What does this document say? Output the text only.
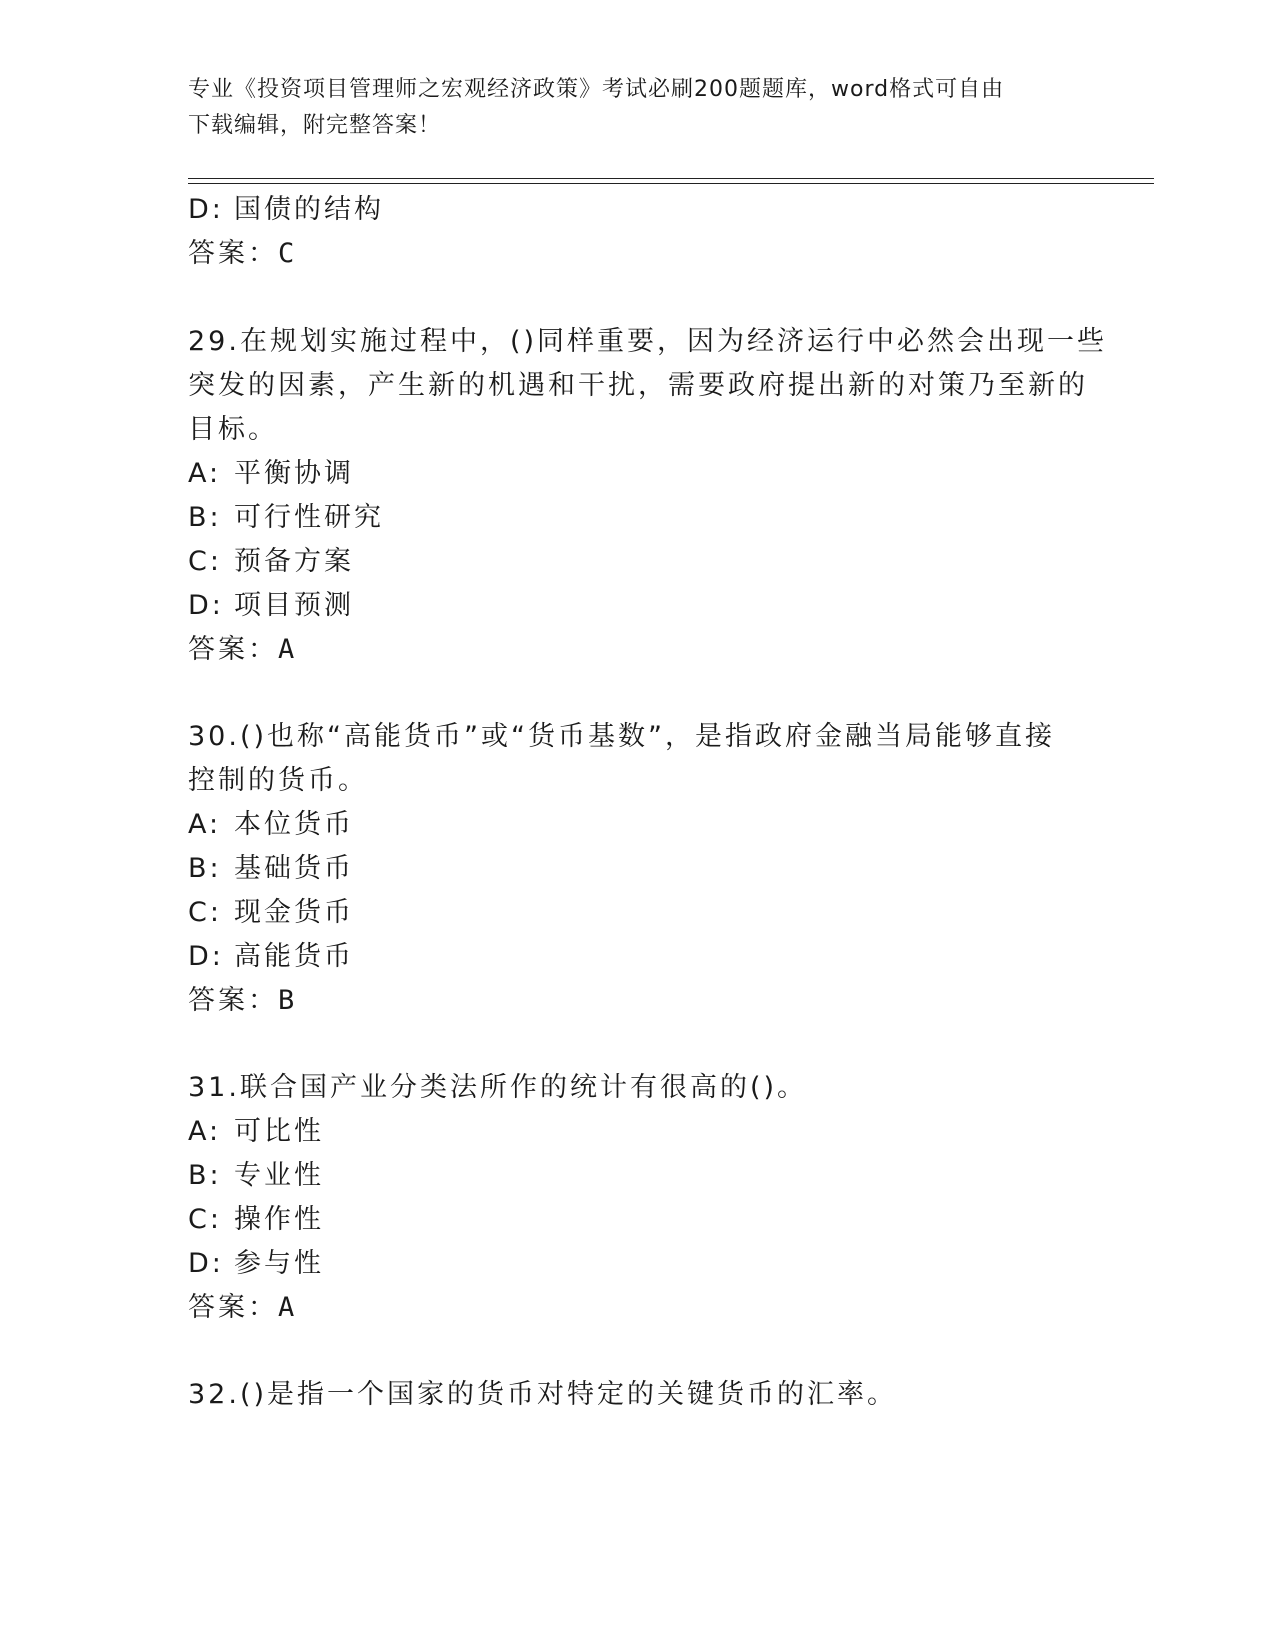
专业《投资项目管理师之宏观经济政策》考试必刷200题题库，word格式可自由
下载编辑，附完整答案！
D: 国债的结构
答案：C
29.在规划实施过程中，()同样重要，因为经济运行中必然会出现一些
突发的因素，产生新的机遇和干扰，需要政府提出新的对策乃至新的
目标。
A: 平衡协调
B: 可行性研究
C: 预备方案
D: 项目预测
答案：A
30.()也称“高能货币”或“货币基数”，是指政府金融当局能够直接
控制的货币。
A: 本位货币
B: 基础货币
C: 现金货币
D: 高能货币
答案：B
31.联合国产业分类法所作的统计有很高的()。
A: 可比性
B: 专业性
C: 操作性
D: 参与性
答案：A
32.()是指一个国家的货币对特定的关键货币的汇率。
